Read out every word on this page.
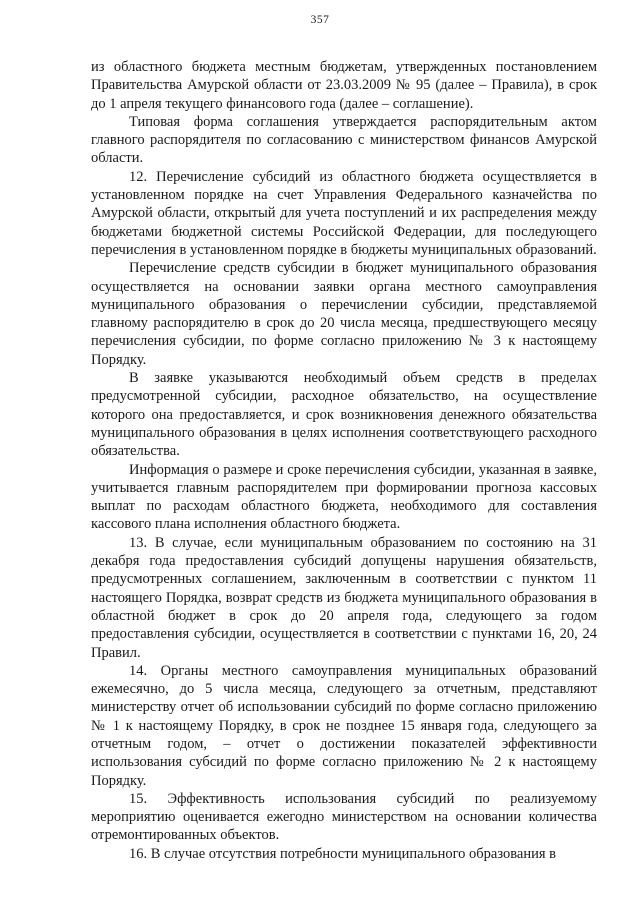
357

из областного бюджета местным бюджетам, утвержденных постановлением Правительства Амурской области от 23.03.2009 № 95 (далее – Правила), в срок до 1 апреля текущего финансового года (далее – соглашение).

Типовая форма соглашения утверждается распорядительным актом главного распорядителя по согласованию с министерством финансов Амурской области.

12. Перечисление субсидий из областного бюджета осуществляется в установленном порядке на счет Управления Федерального казначейства по Амурской области, открытый для учета поступлений и их распределения между бюджетами бюджетной системы Российской Федерации, для последующего перечисления в установленном порядке в бюджеты муниципальных образований.

Перечисление средств субсидии в бюджет муниципального образования осуществляется на основании заявки органа местного самоуправления муниципального образования о перечислении субсидии, представляемой главному распорядителю в срок до 20 числа месяца, предшествующего месяцу перечисления субсидии, по форме согласно приложению № 3 к настоящему Порядку.

В заявке указываются необходимый объем средств в пределах предусмотренной субсидии, расходное обязательство, на осуществление которого она предоставляется, и срок возникновения денежного обязательства муниципального образования в целях исполнения соответствующего расходного обязательства.

Информация о размере и сроке перечисления субсидии, указанная в заявке, учитывается главным распорядителем при формировании прогноза кассовых выплат по расходам областного бюджета, необходимого для составления кассового плана исполнения областного бюджета.

13. В случае, если муниципальным образованием по состоянию на 31 декабря года предоставления субсидий допущены нарушения обязательств, предусмотренных соглашением, заключенным в соответствии с пунктом 11 настоящего Порядка, возврат средств из бюджета муниципального образования в областной бюджет в срок до 20 апреля года, следующего за годом предоставления субсидии, осуществляется в соответствии с пунктами 16, 20, 24 Правил.

14. Органы местного самоуправления муниципальных образований ежемесячно, до 5 числа месяца, следующего за отчетным, представляют министерству отчет об использовании субсидий по форме согласно приложению № 1 к настоящему Порядку, в срок не позднее 15 января года, следующего за отчетным годом, – отчет о достижении показателей эффективности использования субсидий по форме согласно приложению № 2 к настоящему Порядку.

15. Эффективность использования субсидий по реализуемому мероприятию оценивается ежегодно министерством на основании количества отремонтированных объектов.

16. В случае отсутствия потребности муниципального образования в
